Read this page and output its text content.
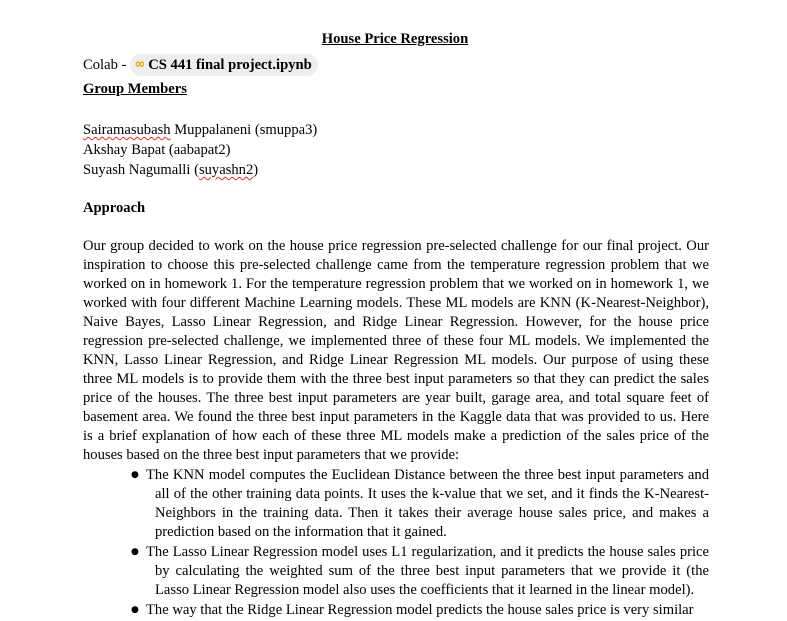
House Price Regression
Colab - ∞ CS 441 final project.ipynb
Group Members
Sairamasubash Muppalaneni (smuppa3)
Akshay Bapat (aabapat2)
Suyash Nagumalli (suyashn2)
Approach

Our group decided to work on the house price regression pre-selected challenge for our final project. Our inspiration to choose this pre-selected challenge came from the temperature regression problem that we worked on in homework 1. For the temperature regression problem that we worked on in homework 1, we worked with four different Machine Learning models. These ML models are KNN (K-Nearest-Neighbor), Naive Bayes, Lasso Linear Regression, and Ridge Linear Regression. However, for the house price regression pre-selected challenge, we implemented three of these four ML models. We implemented the KNN, Lasso Linear Regression, and Ridge Linear Regression ML models. Our purpose of using these three ML models is to provide them with the three best input parameters so that they can predict the sales price of the houses. The three best input parameters are year built, garage area, and total square feet of basement area. We found the three best input parameters in the Kaggle data that was provided to us. Here is a brief explanation of how each of these three ML models make a prediction of the sales price of the houses based on the three best input parameters that we provide:

● The KNN model computes the Euclidean Distance between the three best input parameters and all of the other training data points. It uses the k-value that we set, and it finds the K-Nearest-Neighbors in the training data. Then it takes their average house sales price, and makes a prediction based on the information that it gained.
● The Lasso Linear Regression model uses L1 regularization, and it predicts the house sales price by calculating the weighted sum of the three best input parameters that we provide it (the Lasso Linear Regression model also uses the coefficients that it learned in the linear model).
● The way that the Ridge Linear Regression model predicts the house sales price is very similar
